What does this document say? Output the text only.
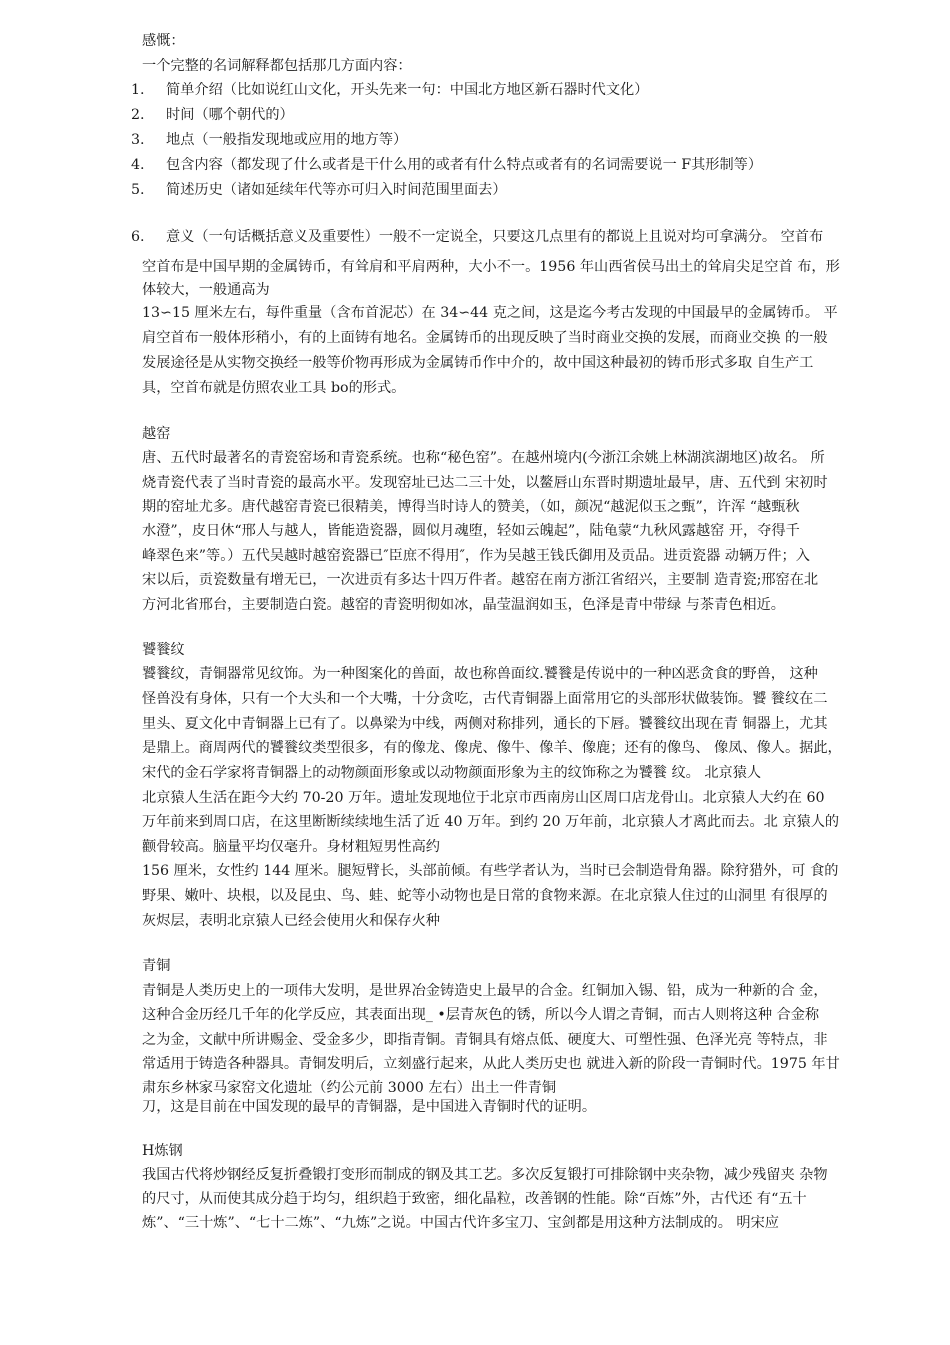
感慨：
一个完整的名词解释都包括那几方面内容：
1. 简单介绍（比如说红山文化，开头先来一句：中国北方地区新石器时代文化）
2. 时间（哪个朝代的）
3. 地点（一般指发现地或应用的地方等）
4. 包含内容（都发现了什么或者是干什么用的或者有什么特点或者有的名词需要说一 F其形制等）
5. 简述历史（诸如延续年代等亦可归入时间范围里面去）
6. 意义（一句话概括意义及重要性）一般不一定说全，只要这几点里有的都说上且说对均可拿满分。 空首布
空首布是中国早期的金属铸币，有耸肩和平肩两种，大小不一。1956 年山西省侯马出土的耸肩尖足空首 布，形
体较大，一般通高为
13∽15 厘米左右，每件重量（含布首泥芯）在 34∽44 克之间，这是迄今考古发现的中国最早的金属铸币。 平
肩空首布一般体形稍小，有的上面铸有地名。金属铸币的出现反映了当时商业交换的发展，而商业交换 的一般
发展途径是从实物交换经一般等价物再形成为金属铸币作中介的，故中国这种最初的铸币形式多取 自生产工
具，空首布就是仿照农业工具 bo的形式。
越窑
唐、五代时最著名的青瓷窑场和青瓷系统。也称“秘色窑”。在越州境内(今浙江余姚上林湖滨湖地区)故名。 所
烧青瓷代表了当时青瓷的最高水平。发现窑址已达二三十处，以鳌唇山东晋时期遗址最早，唐、五代到 宋初时
期的窑址尤多。唐代越窑青瓷已很精美，博得当时诗人的赞美，（如，颜况“越泥似玉之甄”，许浑 “越甄秋
水澄”，皮日休“邢人与越人，皆能造瓷器，圆似月魂堕，轻如云魄起”，陆龟蒙“九秋风露越窑 开，夺得千
峰翠色来”等。）五代吴越时越窑瓷器已″臣庶不得用″，作为吴越王钱氏御用及贡品。进贡瓷器 动辆万件；入
宋以后，贡瓷数量有增无已，一次进贡有多达十四万件者。越窑在南方浙江省绍兴，主要制 造青瓷;邢窑在北
方河北省邢台，主要制造白瓷。越窑的青瓷明彻如冰，晶莹温润如玉，色泽是青中带绿 与茶青色相近。
饕餮纹
饕餮纹，青铜器常见纹饰。为一种图案化的兽面，故也称兽面纹.饕餮是传说中的一种凶恶贪食的野兽， 这种
怪兽没有身体，只有一个大头和一个大嘴，十分贪吃，古代青铜器上面常用它的头部形状做装饰。饕 餮纹在二
里头、夏文化中青铜器上已有了。以鼻梁为中线，两侧对称排列，通长的下唇。饕餮纹出现在青 铜器上，尤其
是鼎上。商周两代的饕餮纹类型很多，有的像龙、像虎、像牛、像羊、像鹿；还有的像鸟、 像凤、像人。据此，
宋代的金石学家将青铜器上的动物颜面形象或以动物颜面形象为主的纹饰称之为饕餮 纹。 北京猿人
北京猿人生活在距今大约 70-20 万年。遗址发现地位于北京市西南房山区周口店龙骨山。北京猿人大约在 60
万年前来到周口店，在这里断断续续地生活了近 40 万年。到约 20 万年前，北京猿人才离此而去。北 京猿人的
颧骨较高。脑量平均仅毫升。身材粗短男性高约
156 厘米，女性约 144 厘米。腿短臂长，头部前倾。有些学者认为，当时已会制造骨角器。除狩猎外，可 食的
野果、嫩叶、块根，以及昆虫、鸟、蛙、蛇等小动物也是日常的食物来源。在北京猿人住过的山洞里 有很厚的
灰烬层，表明北京猿人已经会使用火和保存火种
青铜
青铜是人类历史上的一项伟大发明，是世界冶金铸造史上最早的合金。红铜加入锡、铅，成为一种新的合 金，
这种合金历经几千年的化学反应，其表面出现_ •层青灰色的锈，所以今人谓之青铜，而古人则将这种 合金称
之为金，文献中所讲赐金、受金多少，即指青铜。青铜具有熔点低、硬度大、可塑性强、色泽光亮 等特点，非
常适用于铸造各种器具。青铜发明后，立刻盛行起来，从此人类历史也 就进入新的阶段一青铜时代。1975 年甘
肃东乡林家马家窑文化遗址（约公元前 3000 左右）出土一件青铜
刀，这是目前在中国发现的最早的青铜器，是中国进入青铜时代的证明。
H炼钢
我国古代将炒钢经反复折叠锻打变形而制成的钢及其工艺。多次反复锻打可排除钢中夹杂物，减少残留夹 杂物
的尺寸，从而使其成分趋于均匀，组织趋于致密，细化晶粒，改善钢的性能。除“百炼”外，古代还 有“五十
炼”、“三十炼”、“七十二炼”、“九炼”之说。中国古代许多宝刀、宝剑都是用这种方法制成的。 明宋应
